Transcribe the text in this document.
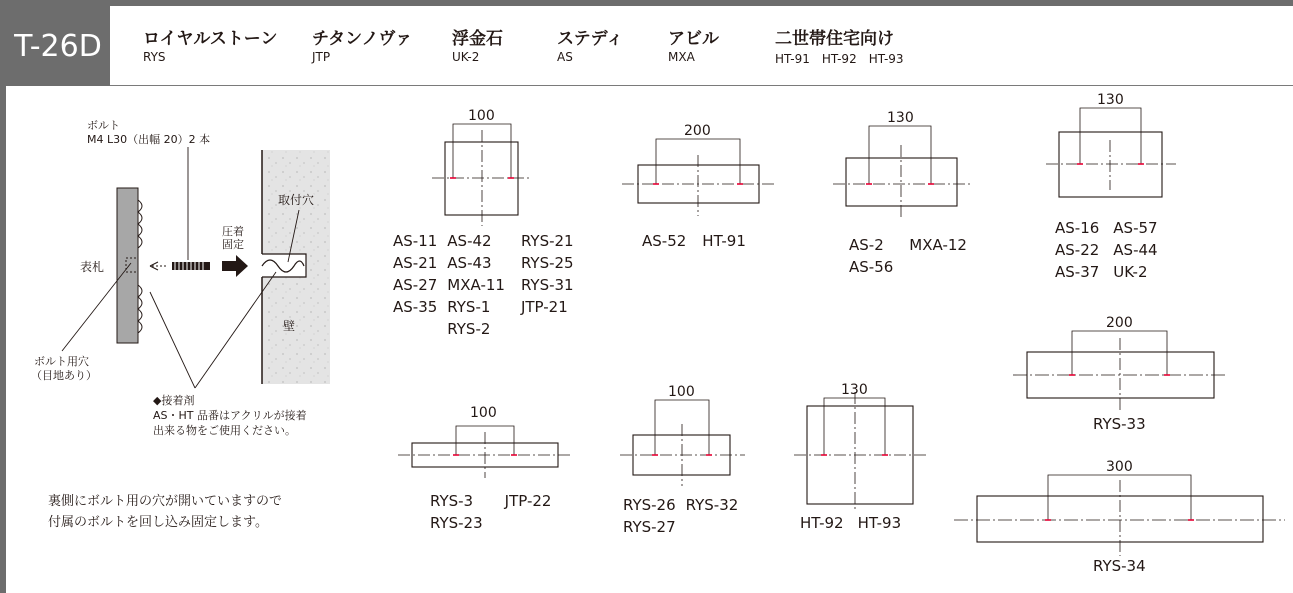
T-26D	ロイヤルストーン
RYS
チタンノヴァ
JTP
浮金石
UK-2
ステディ
AS
アビル
MXA
二世帯住宅向け
HT-91　HT-92　HT-93
ボルト
M4 L30（出幅 20）2 本
圧着
固定
取付穴
表札
壁
ボルト用穴
（目地あり）
◆接着剤
AS・HT 品番はアクリルが接着
出来る物をご使用ください。
裏側にボルト用の穴が開いていますので
付属のボルトを回し込み固定します。
100
200
130
130
200
100
100	130
300
AS-11 AS-42	RYS-21
AS-21 AS-43	RYS-25
AS-27 MXA-11	RYS-31
AS-35 RYS-1	JTP-21
RYS-2
AS-52 HT-91	AS-2	MXA-12
AS-56
AS-16 AS-57
AS-22 AS-44
AS-37 UK-2
RYS-33
RYS-3	JTP-22
RYS-23
RYS-26 RYS-32
RYS-27	HT-92 HT-93
RYS-34
